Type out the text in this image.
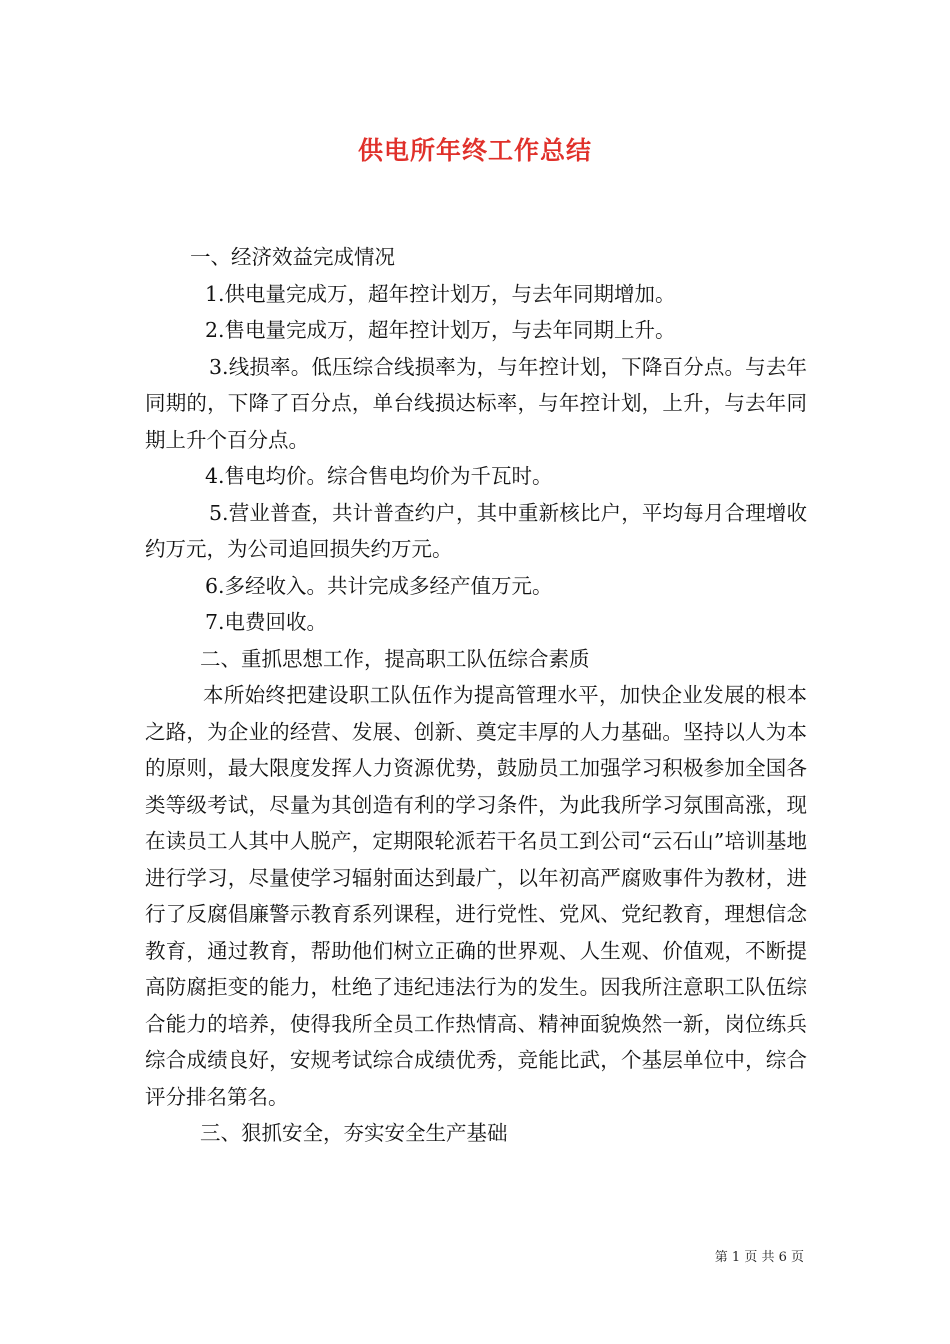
供电所年终工作总结

一、经济效益完成情况

1.供电量完成万，超年控计划万，与去年同期增加。

2.售电量完成万，超年控计划万，与去年同期上升。

3.线损率。低压综合线损率为，与年控计划，下降百分点。与去年同期的，下降了百分点，单台线损达标率，与年控计划，上升，与去年同期上升个百分点。

4.售电均价。综合售电均价为千瓦时。

5.营业普查，共计普查约户，其中重新核比户，平均每月合理增收约万元，为公司追回损失约万元。

6.多经收入。共计完成多经产值万元。

7.电费回收。

二、重抓思想工作，提高职工队伍综合素质

本所始终把建设职工队伍作为提高管理水平，加快企业发展的根本之路，为企业的经营、发展、创新、奠定丰厚的人力基础。坚持以人为本的原则，最大限度发挥人力资源优势，鼓励员工加强学习积极参加全国各类等级考试，尽量为其创造有利的学习条件，为此我所学习氛围高涨，现在读员工人其中人脱产，定期限轮派若干名员工到公司“云石山”培训基地进行学习，尽量使学习辐射面达到最广，以年初高严腐败事件为教材，进行了反腐倡廉警示教育系列课程，进行党性、党风、党纪教育，理想信念教育，通过教育，帮助他们树立正确的世界观、人生观、价值观，不断提高防腐拒变的能力，杜绝了违纪违法行为的发生。因我所注意职工队伍综合能力的培养，使得我所全员工作热情高、精神面貌焕然一新，岗位练兵综合成绩良好，安规考试综合成绩优秀，竞能比武，个基层单位中，综合评分排名第名。

三、狠抓安全，夯实安全生产基础

第 1 页 共 6 页
